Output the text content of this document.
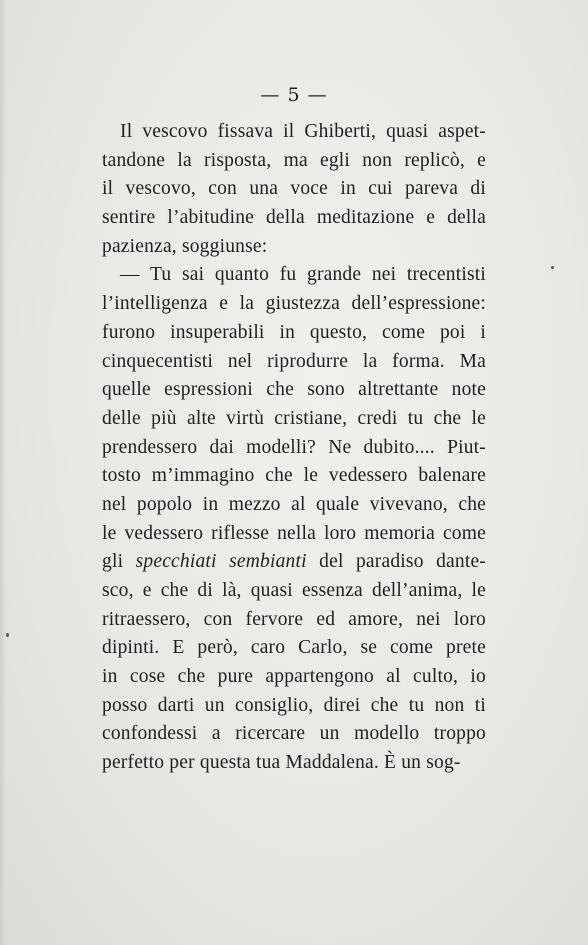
— 5 —
Il vescovo fissava il Ghiberti, quasi aspet-
tandone la risposta, ma egli non replicò, e
il vescovo, con una voce in cui pareva di
sentire l’abitudine della meditazione e della
pazienza, soggiunse:
— Tu sai quanto fu grande nei trecentisti
l’intelligenza e la giustezza dell’espressione:
furono insuperabili in questo, come poi i
cinquecentisti nel riprodurre la forma. Ma
quelle espressioni che sono altrettante note
delle più alte virtù cristiane, credi tu che le
prendessero dai modelli? Ne dubito.... Piut-
tosto m’immagino che le vedessero balenare
nel popolo in mezzo al quale vivevano, che
le vedessero riflesse nella loro memoria come
gli specchiati sembianti del paradiso dante-
sco, e che di là, quasi essenza dell’anima, le
ritraessero, con fervore ed amore, nei loro
dipinti. E però, caro Carlo, se come prete
in cose che pure appartengono al culto, io
posso darti un consiglio, direi che tu non ti
confondessi a ricercare un modello troppo
perfetto per questa tua Maddalena. È un sog-
